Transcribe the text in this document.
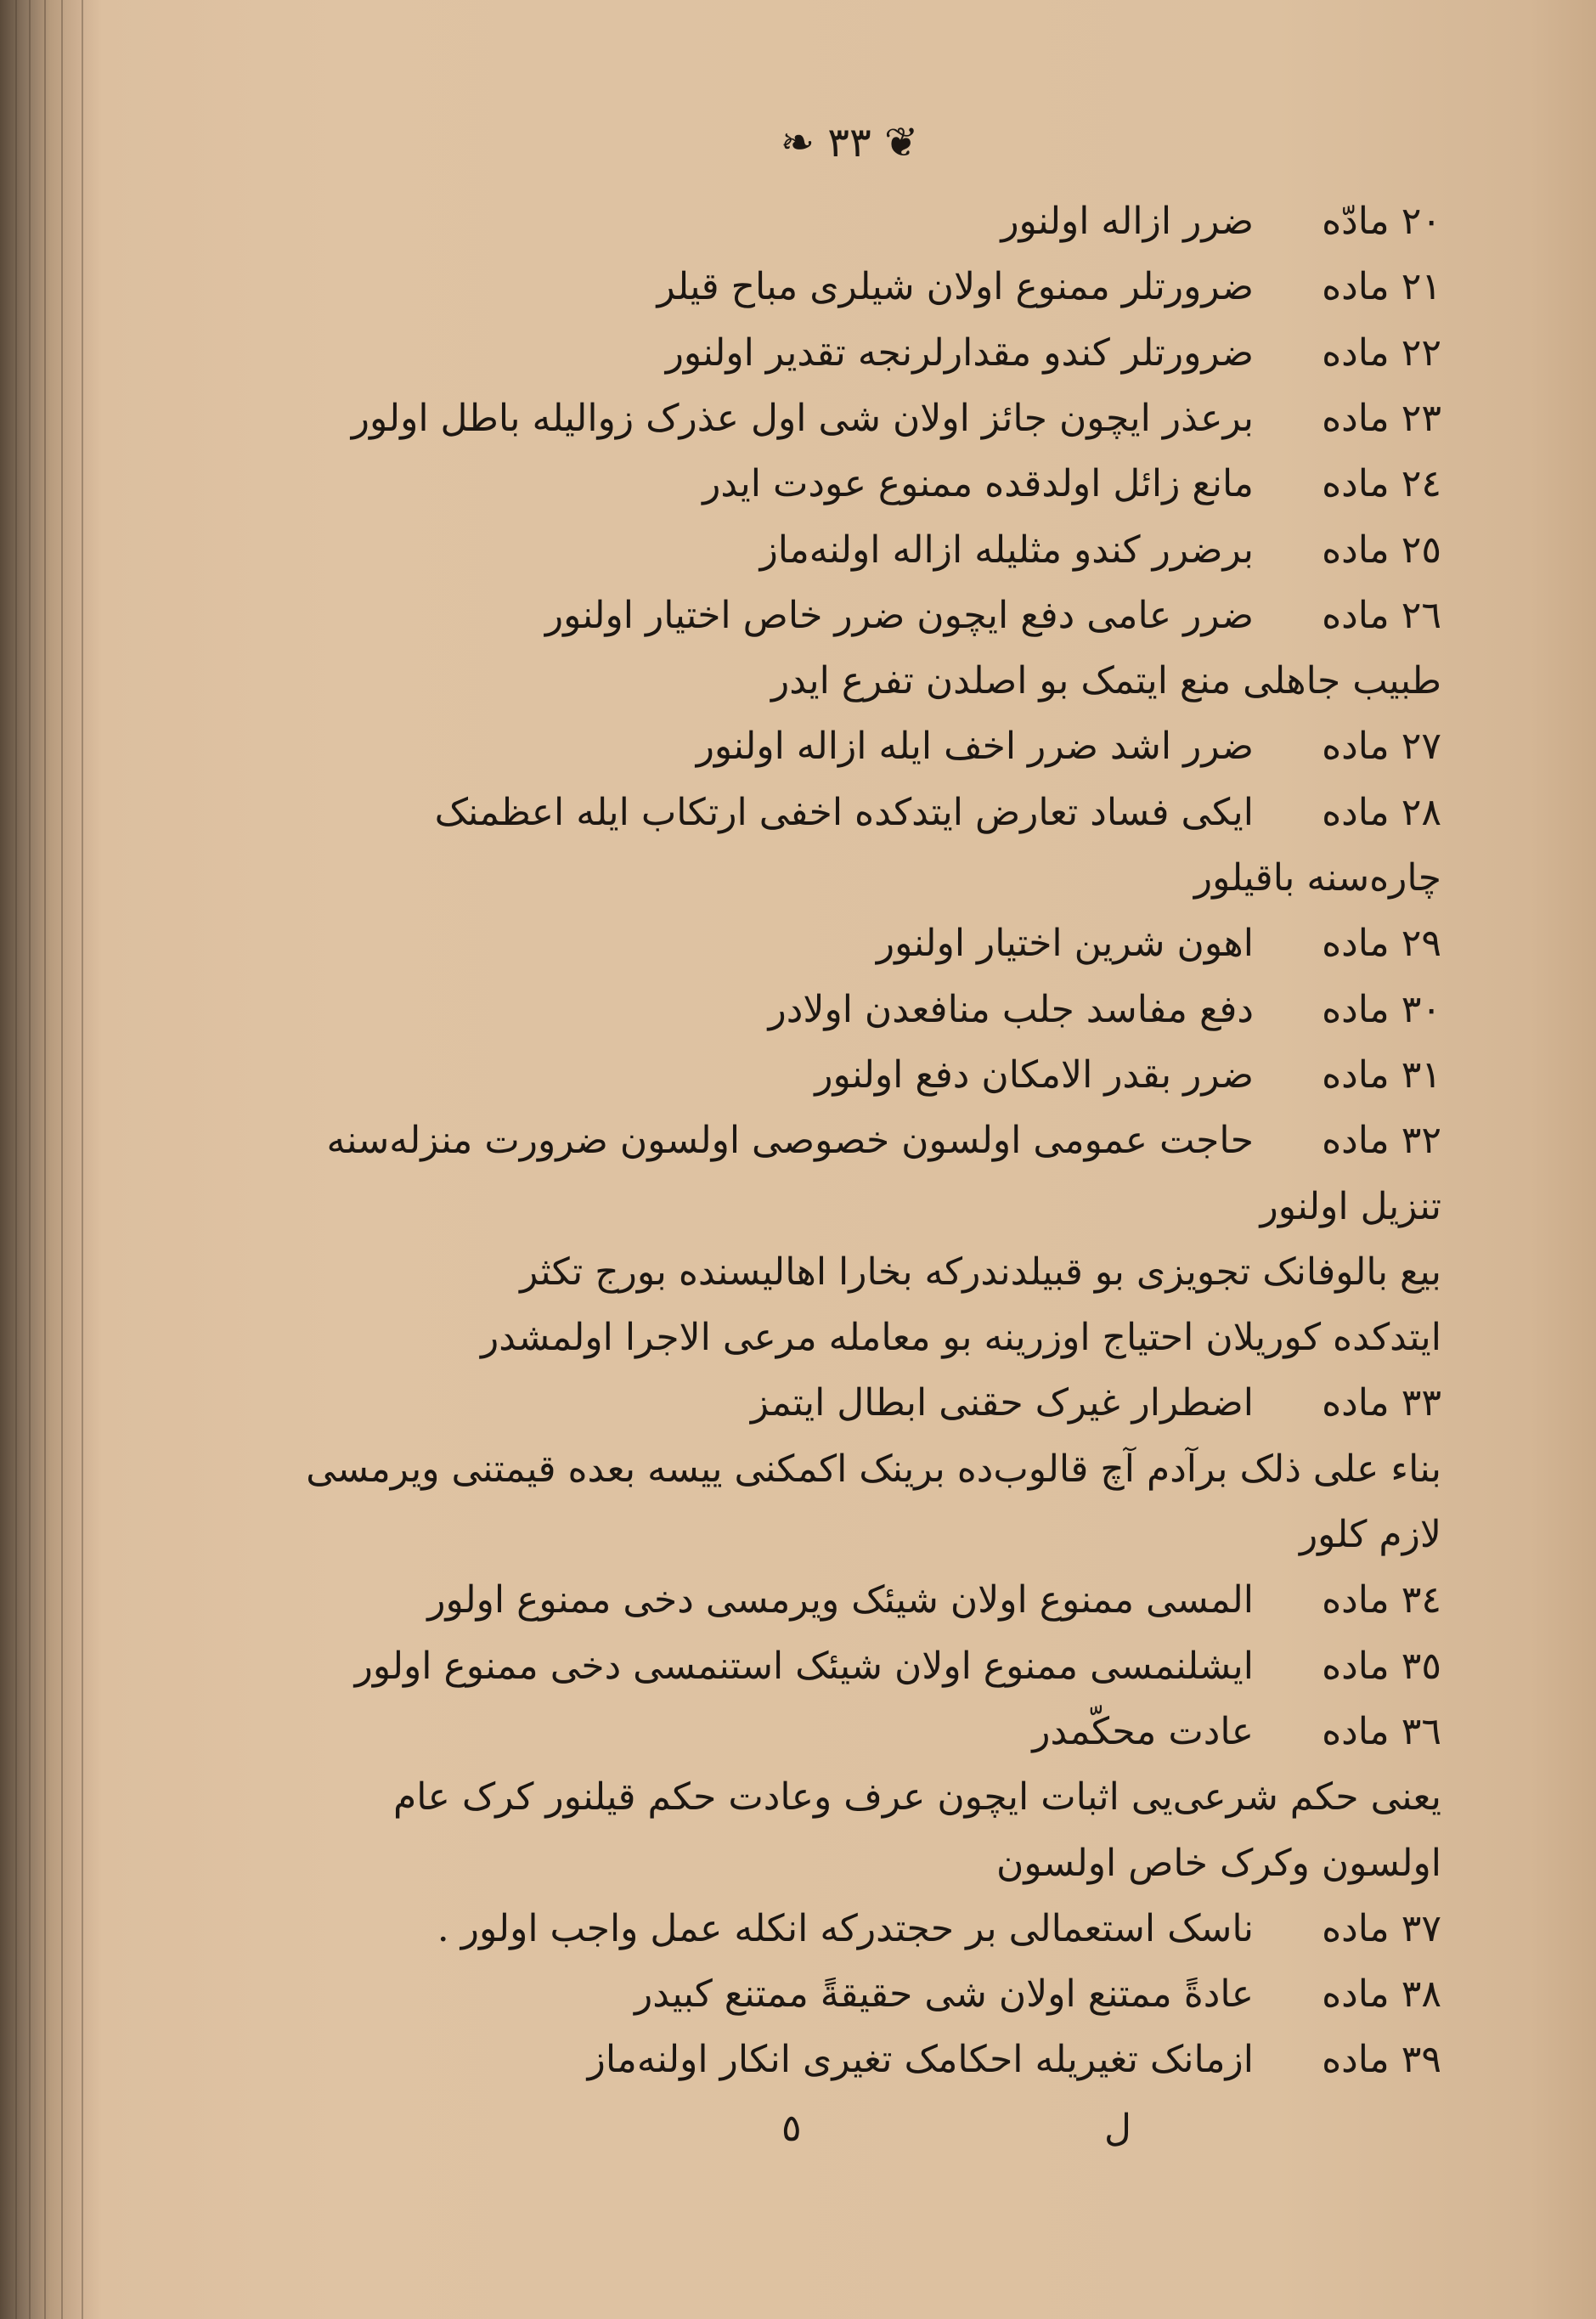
❦ ٣٣ ❧
٢٠ مادّه
ضرر ازاله اولنور
٢١ ماده
ضرورتلر ممنوع اولان شیلری مباح قیلر
٢٢ ماده
ضرورتلر کندو مقدارلرنجه تقدیر اولنور
٢٣ ماده
برعذر ایچون جائز اولان شی اول عذرک زوالیله باطل اولور
٢٤ ماده
مانع زائل اولدقده ممنوع عودت ایدر
٢٥ ماده
برضرر کندو مثلیله ازاله اولنه‌ماز
٢٦ ماده
ضرر عامی دفع ایچون ضرر خاص اختیار اولنور
طبیب جاهلی منع ایتمک بو اصلدن تفرع ایدر
٢٧ ماده
ضرر اشد ضرر اخف ایله ازاله اولنور
٢٨ ماده
ایکی فساد تعارض ایتدکده اخفی ارتکاب ایله اعظمنک
چاره‌سنه باقیلور
٢٩ ماده
اهون شرین اختیار اولنور
٣٠ ماده
دفع مفاسد جلب منافعدن اولادر
٣١ ماده
ضرر بقدر الامکان دفع اولنور
٣٢ ماده
حاجت عمومی اولسون خصوصی اولسون ضرورت منزله‌سنه
تنزیل اولنور
بیع بالوفانک تجویزی بو قبیلدندرکه بخارا اهالیسنده بورج تکثر
ایتدکده کوریلان احتیاج اوزرینه بو معامله مرعی الاجرا اولمشدر
٣٣ ماده
اضطرار غیرک حقنی ابطال ایتمز
بناء علی ذلک برآدم آچ قالوب‌ده برینک اکمکنی ییسه بعده قیمتنی ویرمسی
لازم کلور
٣٤ ماده
المسی ممنوع اولان شیئک ویرمسی دخی ممنوع اولور
٣٥ ماده
ایشلنمسی ممنوع اولان شیئک استنمسی دخی ممنوع اولور
٣٦ ماده
عادت محکّمدر
یعنی حکم شرعی‌یی اثبات ایچون عرف وعادت حکم قیلنور کرک عام
اولسون وکرک خاص اولسون
٣٧ ماده
ناسک استعمالی بر حجتدرکه انکله عمل واجب اولور .
٣٨ ماده
عادةً ممتنع اولان شی حقیقةً ممتنع کبیدر
٣٩ ماده
ازمانک تغیریله احکامک تغیری انکار اولنه‌ماز
٥	ل
